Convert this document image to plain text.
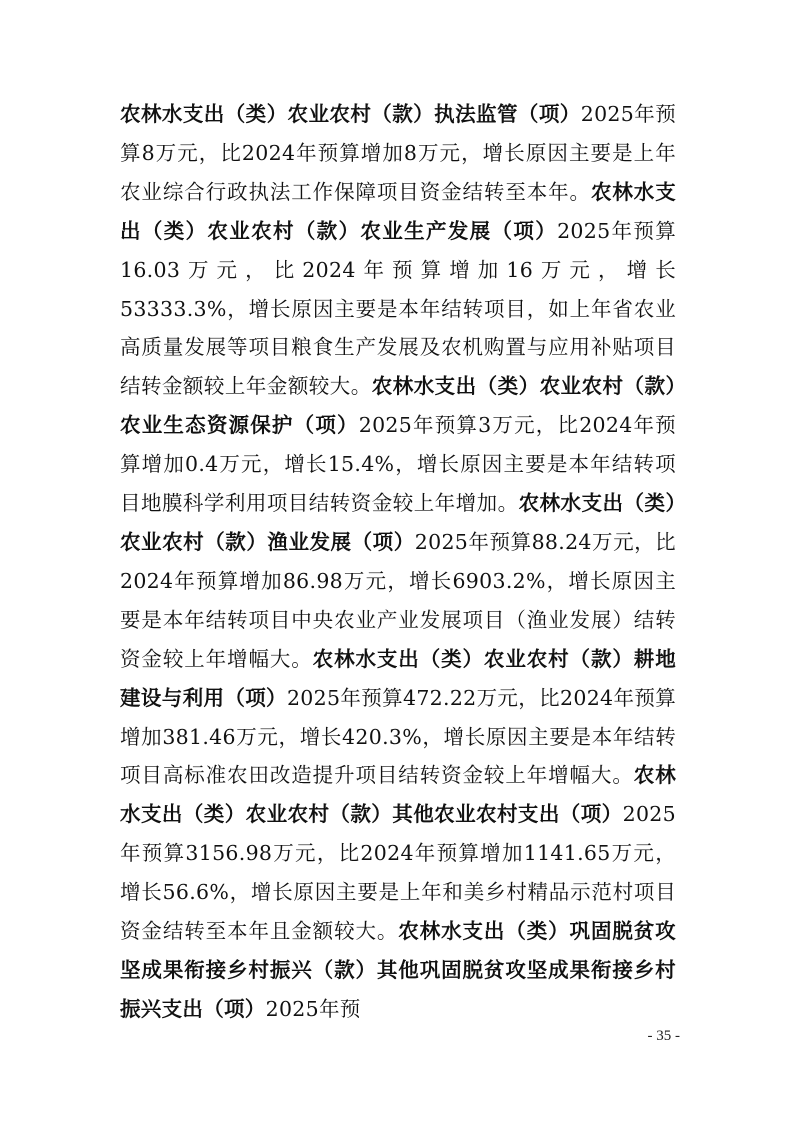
农林水支出（类）农业农村（款）执法监管（项）2025年预算8万元，比2024年预算增加8万元，增长原因主要是上年农业综合行政执法工作保障项目资金结转至本年。农林水支出（类）农业农村（款）农业生产发展（项）2025年预算16.03万元，比2024年预算增加16万元，增长53333.3%，增长原因主要是本年结转项目，如上年省农业高质量发展等项目粮食生产发展及农机购置与应用补贴项目结转金额较上年金额较大。农林水支出（类）农业农村（款）农业生态资源保护（项）2025年预算3万元，比2024年预算增加0.4万元，增长15.4%，增长原因主要是本年结转项目地膜科学利用项目结转资金较上年增加。农林水支出（类）农业农村（款）渔业发展（项）2025年预算88.24万元，比2024年预算增加86.98万元，增长6903.2%，增长原因主要是本年结转项目中央农业产业发展项目（渔业发展）结转资金较上年增幅大。农林水支出（类）农业农村（款）耕地建设与利用（项）2025年预算472.22万元，比2024年预算增加381.46万元，增长420.3%，增长原因主要是本年结转项目高标准农田改造提升项目结转资金较上年增幅大。农林水支出（类）农业农村（款）其他农业农村支出（项）2025年预算3156.98万元，比2024年预算增加1141.65万元，增长56.6%，增长原因主要是上年和美乡村精品示范村项目资金结转至本年且金额较大。农林水支出（类）巩固脱贫攻坚成果衔接乡村振兴（款）其他巩固脱贫攻坚成果衔接乡村振兴支出（项）2025年预

- 35 -
